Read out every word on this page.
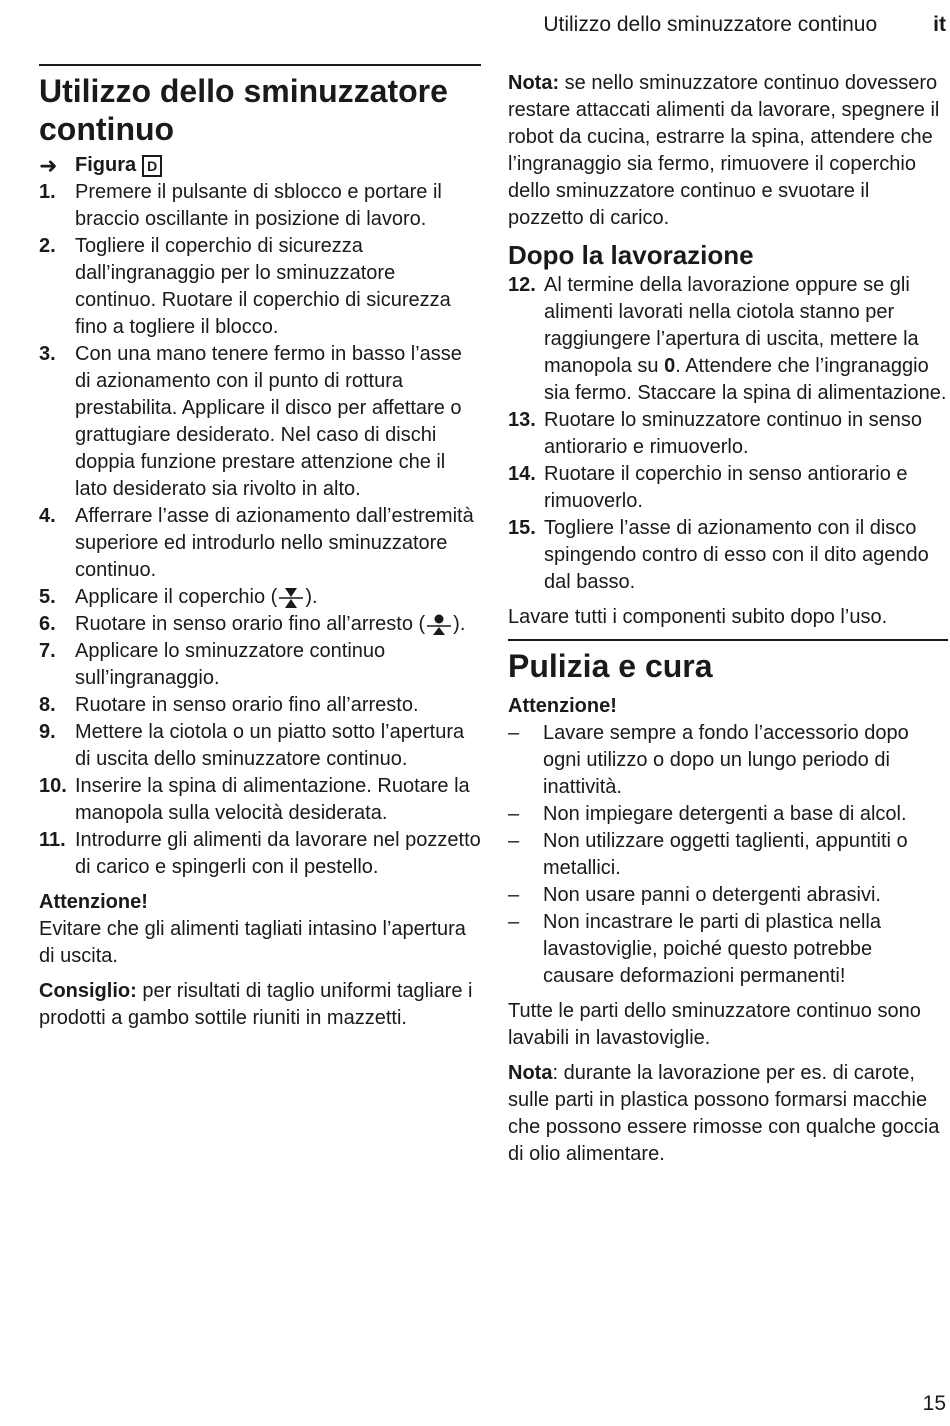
Utilizzo dello sminuzzatore continuo	it
Utilizzo dello sminuzzatore continuo
➜ Figura D
1. Premere il pulsante di sblocco e portare il braccio oscillante in posizione di lavoro.
2. Togliere il coperchio di sicurezza dall’ingranaggio per lo sminuzzatore continuo. Ruotare il coperchio di sicurezza fino a togliere il blocco.
3. Con una mano tenere fermo in basso l’asse di azionamento con il punto di rottura prestabilita. Applicare il disco per affettare o grattugiare desiderato. Nel caso di dischi doppia funzione prestare attenzione che il lato desiderato sia rivolto in alto.
4. Afferrare l’asse di azionamento dall’estremità superiore ed introdurlo nello sminuzzatore continuo.
5. Applicare il coperchio ( ).
6. Ruotare in senso orario fino all’arresto ( ).
7. Applicare lo sminuzzatore continuo sull’ingranaggio.
8. Ruotare in senso orario fino all’arresto.
9. Mettere la ciotola o un piatto sotto l’apertura di uscita dello sminuzzatore continuo.
10. Inserire la spina di alimentazione. Ruotare la manopola sulla velocità desiderata.
11. Introdurre gli alimenti da lavorare nel pozzetto di carico e spingerli con il pestello.
Attenzione!

Evitare che gli alimenti tagliati intasino l’apertura di uscita.

Consiglio: per risultati di taglio uniformi tagliare i prodotti a gambo sottile riuniti in mazzetti.

Nota: se nello sminuzzatore continuo dovessero restare attaccati alimenti da lavorare, spegnere il robot da cucina, estrarre la spina, attendere che l’ingranaggio sia fermo, rimuovere il coperchio dello sminuzzatore continuo e svuotare il pozzetto di carico.

Dopo la lavorazione
12. Al termine della lavorazione oppure se gli alimenti lavorati nella ciotola stanno per raggiungere l’apertura di uscita, mettere la manopola su 0. Attendere che l’ingranaggio sia fermo. Staccare la spina di alimentazione.
13. Ruotare lo sminuzzatore continuo in senso antiorario e rimuoverlo.
14. Ruotare il coperchio in senso antiorario e rimuoverlo.
15. Togliere l’asse di azionamento con il disco spingendo contro di esso con il dito agendo dal basso.

Lavare tutti i componenti subito dopo l’uso.

Pulizia e cura
Attenzione!
–	Lavare sempre a fondo l’accessorio dopo ogni utilizzo o dopo un lungo periodo di inattività.
–	Non impiegare detergenti a base di alcol.
–	Non utilizzare oggetti taglienti, appuntiti o metallici.
–	Non usare panni o detergenti abrasivi.
–	Non incastrare le parti di plastica nella lavastoviglie, poiché questo potrebbe causare deformazioni permanenti!

Tutte le parti dello sminuzzatore continuo sono lavabili in lavastoviglie.

Nota: durante la lavorazione per es. di carote, sulle parti in plastica possono formarsi macchie che possono essere rimosse con qualche goccia di olio alimentare.

15
